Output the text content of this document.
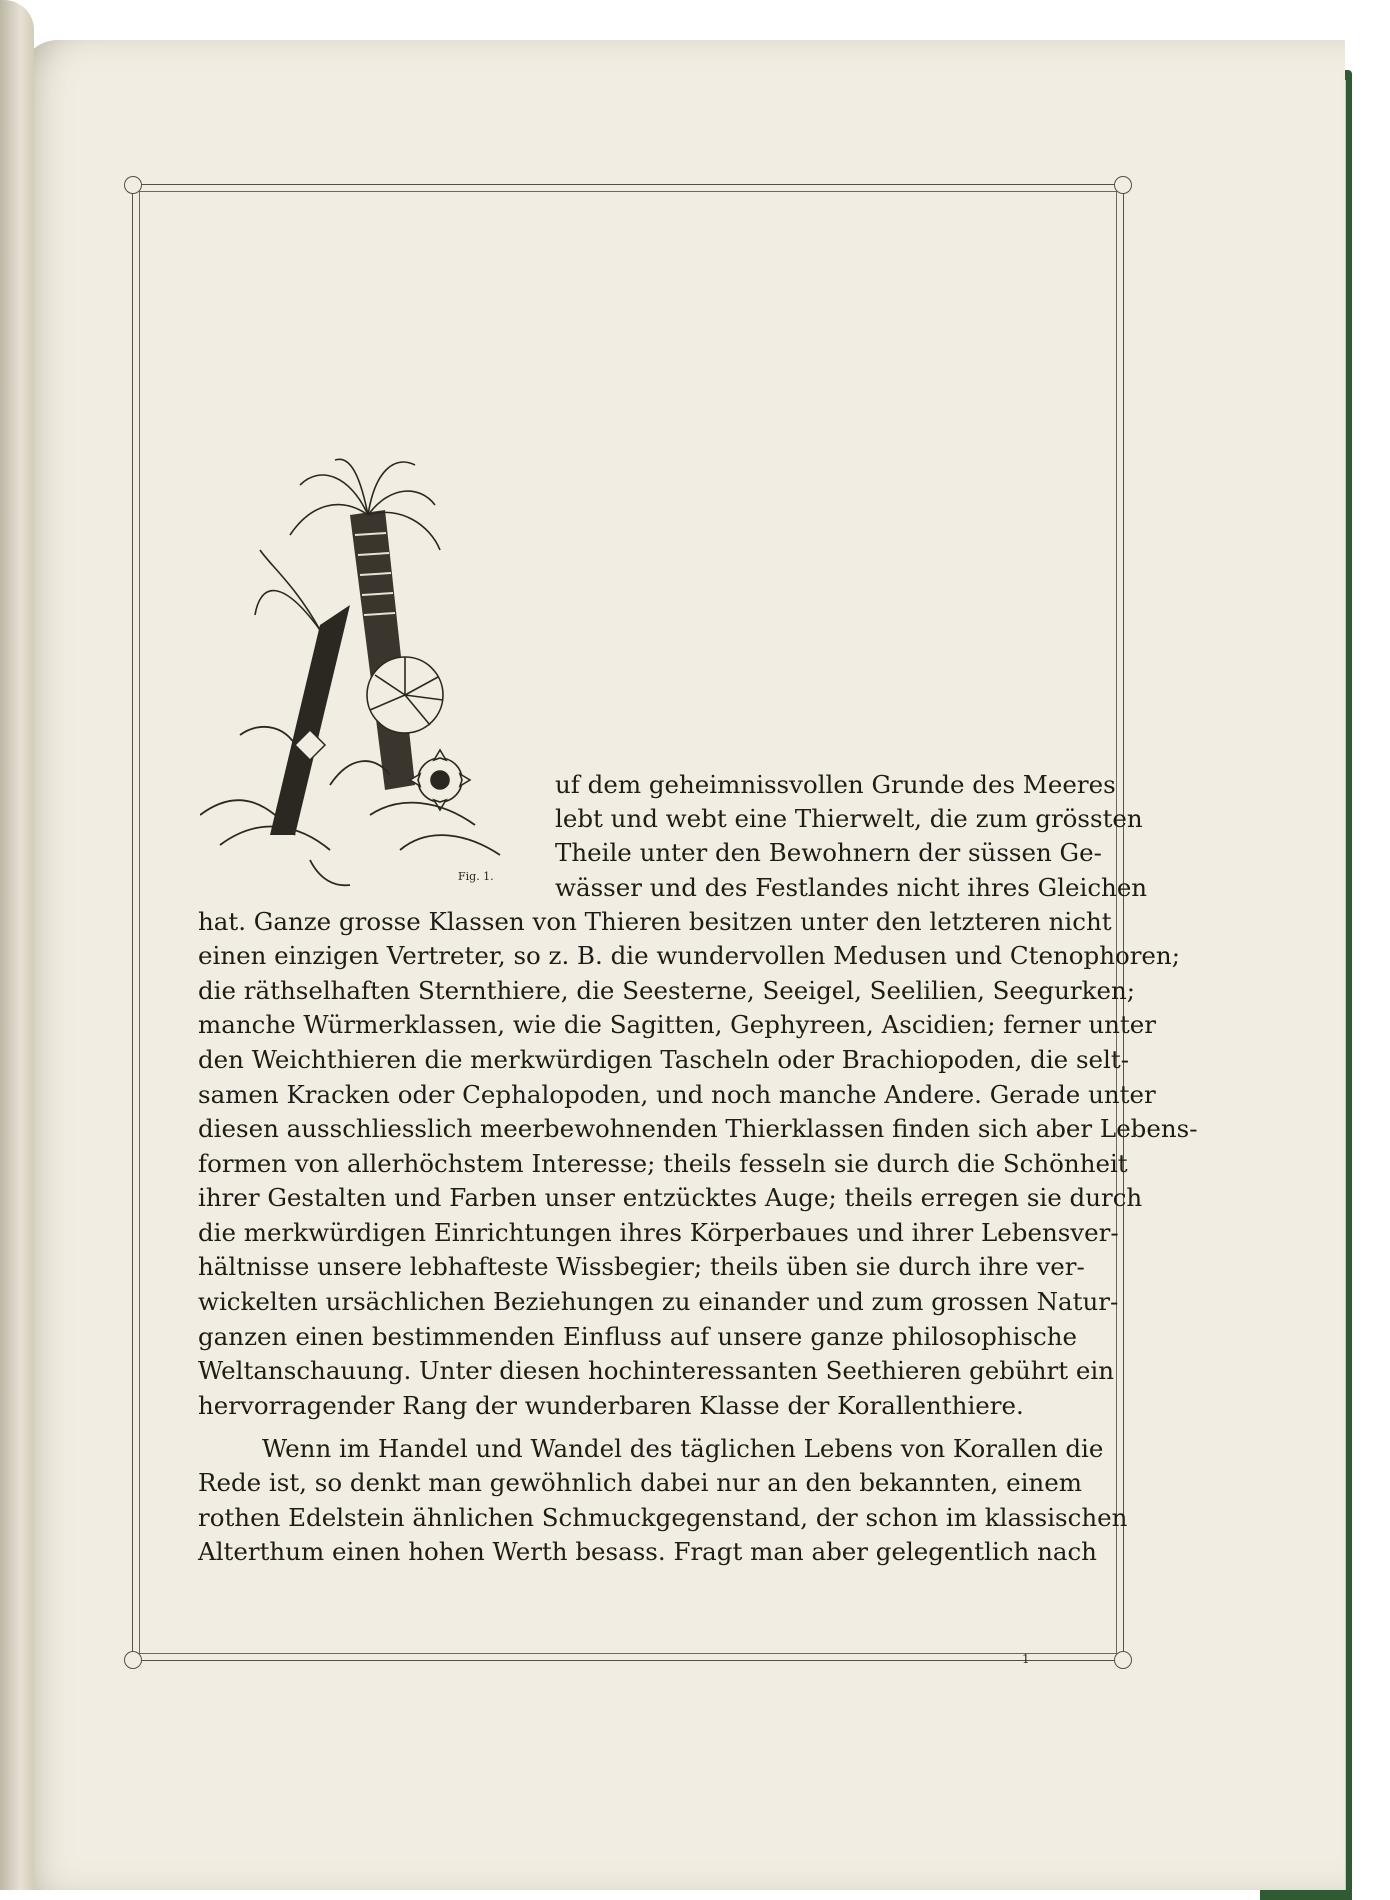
Fig. 1.

uf dem geheimnissvollen Grunde des Meeres

lebt und webt eine Thierwelt, die zum grössten

Theile unter den Bewohnern der süssen Ge-

wässer und des Festlandes nicht ihres Gleichen

hat. Ganze grosse Klassen von Thieren besitzen unter den letzteren nicht

einen einzigen Vertreter, so z. B. die wundervollen Medusen und Ctenophoren;

die räthselhaften Sternthiere, die Seesterne, Seeigel, Seelilien, Seegurken;

manche Würmerklassen, wie die Sagitten, Gephyreen, Ascidien; ferner unter

den Weichthieren die merkwürdigen Tascheln oder Brachiopoden, die selt-

samen Kracken oder Cephalopoden, und noch manche Andere. Gerade unter

diesen ausschliesslich meerbewohnenden Thierklassen finden sich aber Lebens-

formen von allerhöchstem Interesse; theils fesseln sie durch die Schönheit

ihrer Gestalten und Farben unser entzücktes Auge; theils erregen sie durch

die merkwürdigen Einrichtungen ihres Körperbaues und ihrer Lebensver-

hältnisse unsere lebhafteste Wissbegier; theils üben sie durch ihre ver-

wickelten ursächlichen Beziehungen zu einander und zum grossen Natur-

ganzen einen bestimmenden Einfluss auf unsere ganze philosophische

Weltanschauung. Unter diesen hochinteressanten Seethieren gebührt ein

hervorragender Rang der wunderbaren Klasse der Korallenthiere.

Wenn im Handel und Wandel des täglichen Lebens von Korallen die

Rede ist, so denkt man gewöhnlich dabei nur an den bekannten, einem

rothen Edelstein ähnlichen Schmuckgegenstand, der schon im klassischen

Alterthum einen hohen Werth besass. Fragt man aber gelegentlich nach

1
